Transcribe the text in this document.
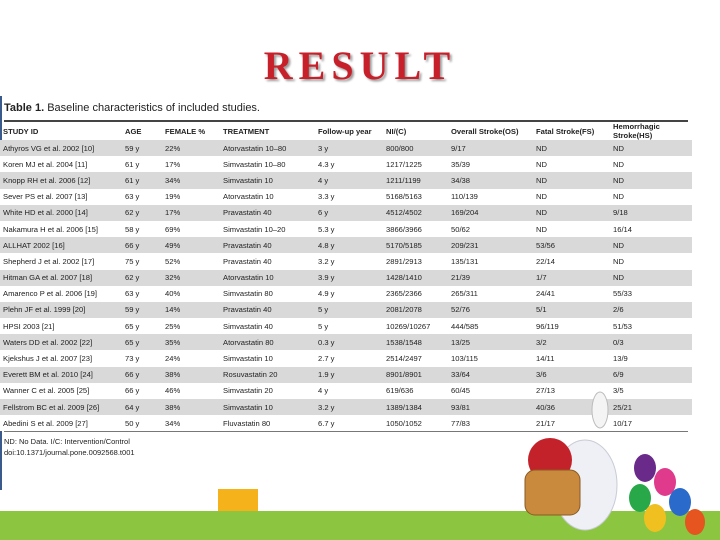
RESULT
Table 1. Baseline characteristics of included studies.
STUDY ID	AGE	FEMALE %	TREATMENT	Follow-up year	NI/(C)	Overall Stroke(OS)	Fatal Stroke(FS)	Hemorrhagic Stroke(HS)
Athyros VG et al. 2002 [10]	59 y	22%	Atorvastatin 10–80	3 y	800/800	9/17	ND	ND
Koren MJ et al. 2004 [11]	61 y	17%	Simvastatin 10–80	4.3 y	1217/1225	35/39	ND	ND
Knopp RH et al. 2006 [12]	61 y	34%	Simvastatin 10	4 y	1211/1199	34/38	ND	ND
Sever PS et al. 2007 [13]	63 y	19%	Atorvastatin 10	3.3 y	5168/5163	110/139	ND	ND
White HD et al. 2000 [14]	62 y	17%	Pravastatin 40	6 y	4512/4502	169/204	ND	9/18
Nakamura H et al. 2006 [15]	58 y	69%	Simvastatin 10–20	5.3 y	3866/3966	50/62	ND	16/14
ALLHAT 2002 [16]	66 y	49%	Pravastatin 40	4.8 y	5170/5185	209/231	53/56	ND
Shepherd J et al. 2002 [17]	75 y	52%	Pravastatin 40	3.2 y	2891/2913	135/131	22/14	ND
Hitman GA et al. 2007 [18]	62 y	32%	Atorvastatin 10	3.9 y	1428/1410	21/39	1/7	ND
Amarenco P et al. 2006 [19]	63 y	40%	Simvastatin 80	4.9 y	2365/2366	265/311	24/41	55/33
Plehn JF et al. 1999 [20]	59 y	14%	Pravastatin 40	5 y	2081/2078	52/76	5/1	2/6
HPSI 2003 [21]	65 y	25%	Simvastatin 40	5 y	10269/10267	444/585	96/119	51/53
Waters DD et al. 2002 [22]	65 y	35%	Atorvastatin 80	0.3 y	1538/1548	13/25	3/2	0/3
Kjekshus J et al. 2007 [23]	73 y	24%	Simvastatin 10	2.7 y	2514/2497	103/115	14/11	13/9
Everett BM et al. 2010 [24]	66 y	38%	Rosuvastatin 20	1.9 y	8901/8901	33/64	3/6	6/9
Wanner C et al. 2005 [25]	66 y	46%	Simvastatin 20	4 y	619/636	60/45	27/13	3/5
Fellstrom BC et al. 2009 [26]	64 y	38%	Simvastatin 10	3.2 y	1389/1384	93/81	40/36	25/21
Abedini S et al. 2009 [27]	50 y	34%	Fluvastatin 80	6.7 y	1050/1052	77/83	21/17	10/17
ND: No Data. I/C: Intervention/Control
doi:10.1371/journal.pone.0092568.t001
